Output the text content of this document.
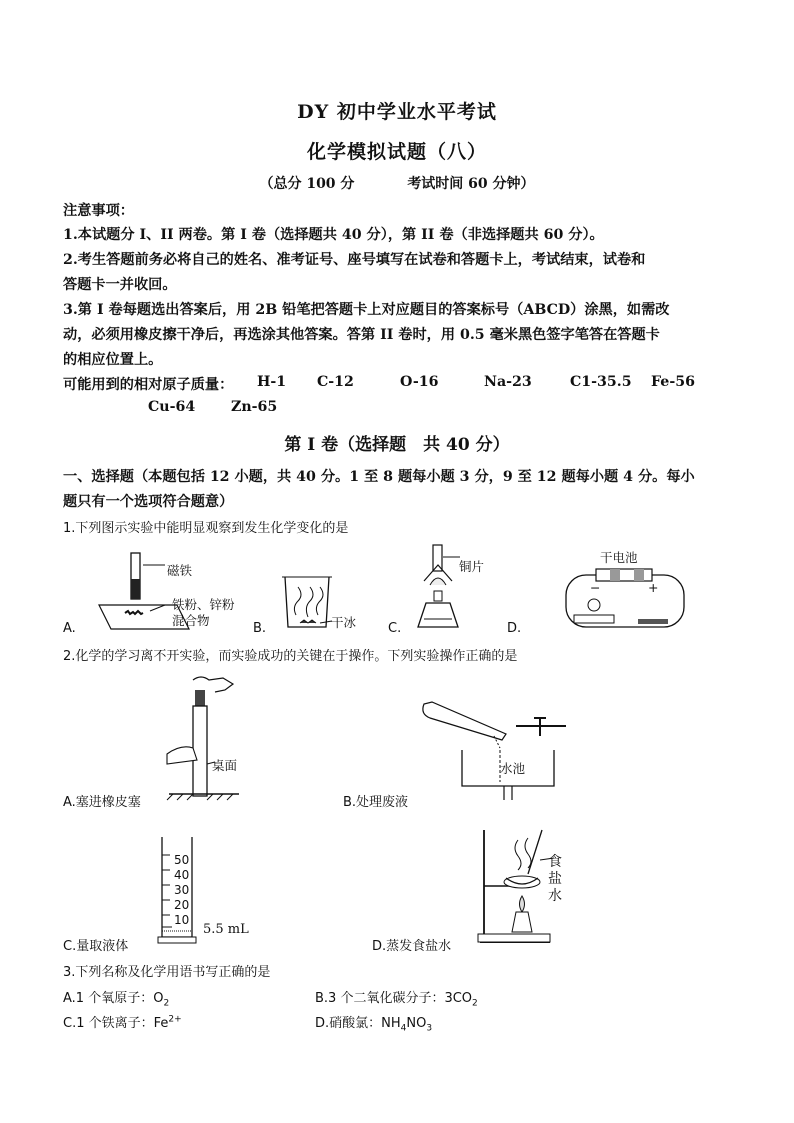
DY 初中学业水平考试
化学模拟试题（八）
（总分 100 分	考试时间 60 分钟）
注意事项：
1.本试题分 I、II 两卷。第 I 卷（选择题共 40 分），第 II 卷（非选择题共 60 分）。
2.考生答题前务必将自己的姓名、准考证号、座号填写在试卷和答题卡上，考试结束，试卷和
答题卡一并收回。
3.第 I 卷每题选出答案后，用 2B 铅笔把答题卡上对应题目的答案标号（ABCD）涂黑，如需改
动，必须用橡皮擦干净后，再选涂其他答案。答第 II 卷时，用 0.5 毫米黑色签字笔答在答题卡
的相应位置上。
可能用到的相对原子质量： H-1 C-12	O-16	Na-23	C1-35.5 Fe-56
Cu-64	Zn-65
第 I 卷（选择题　共 40 分）
一、选择题（本题包括 12 小题，共 40 分。1 至 8 题每小题 3 分，9 至 12 题每小题 4 分。每小
题只有一个选项符合题意）
1.下列图示实验中能明显观察到发生化学变化的是
磁铁
铁粉、锌粉
混合物
A.	干冰
B.
铜片
C.
干电池
−	+
D.
2.化学的学习离不开实验，而实验成功的关键在于操作。下列实验操作正确的是
桌面
A.塞进橡皮塞
水池
B.处理废液
50
40
30
20
10
5.5 mL
C.量取液体
食
盐
水
D.蒸发食盐水
3.下列名称及化学用语书写正确的是
A.1 个氧原子：$O_2$	B.3 个二氧化碳分子：$3CO_2$
C.1 个铁离子：$Fe^{2+}$	D.硝酸氯：$NH_4NO_3$
